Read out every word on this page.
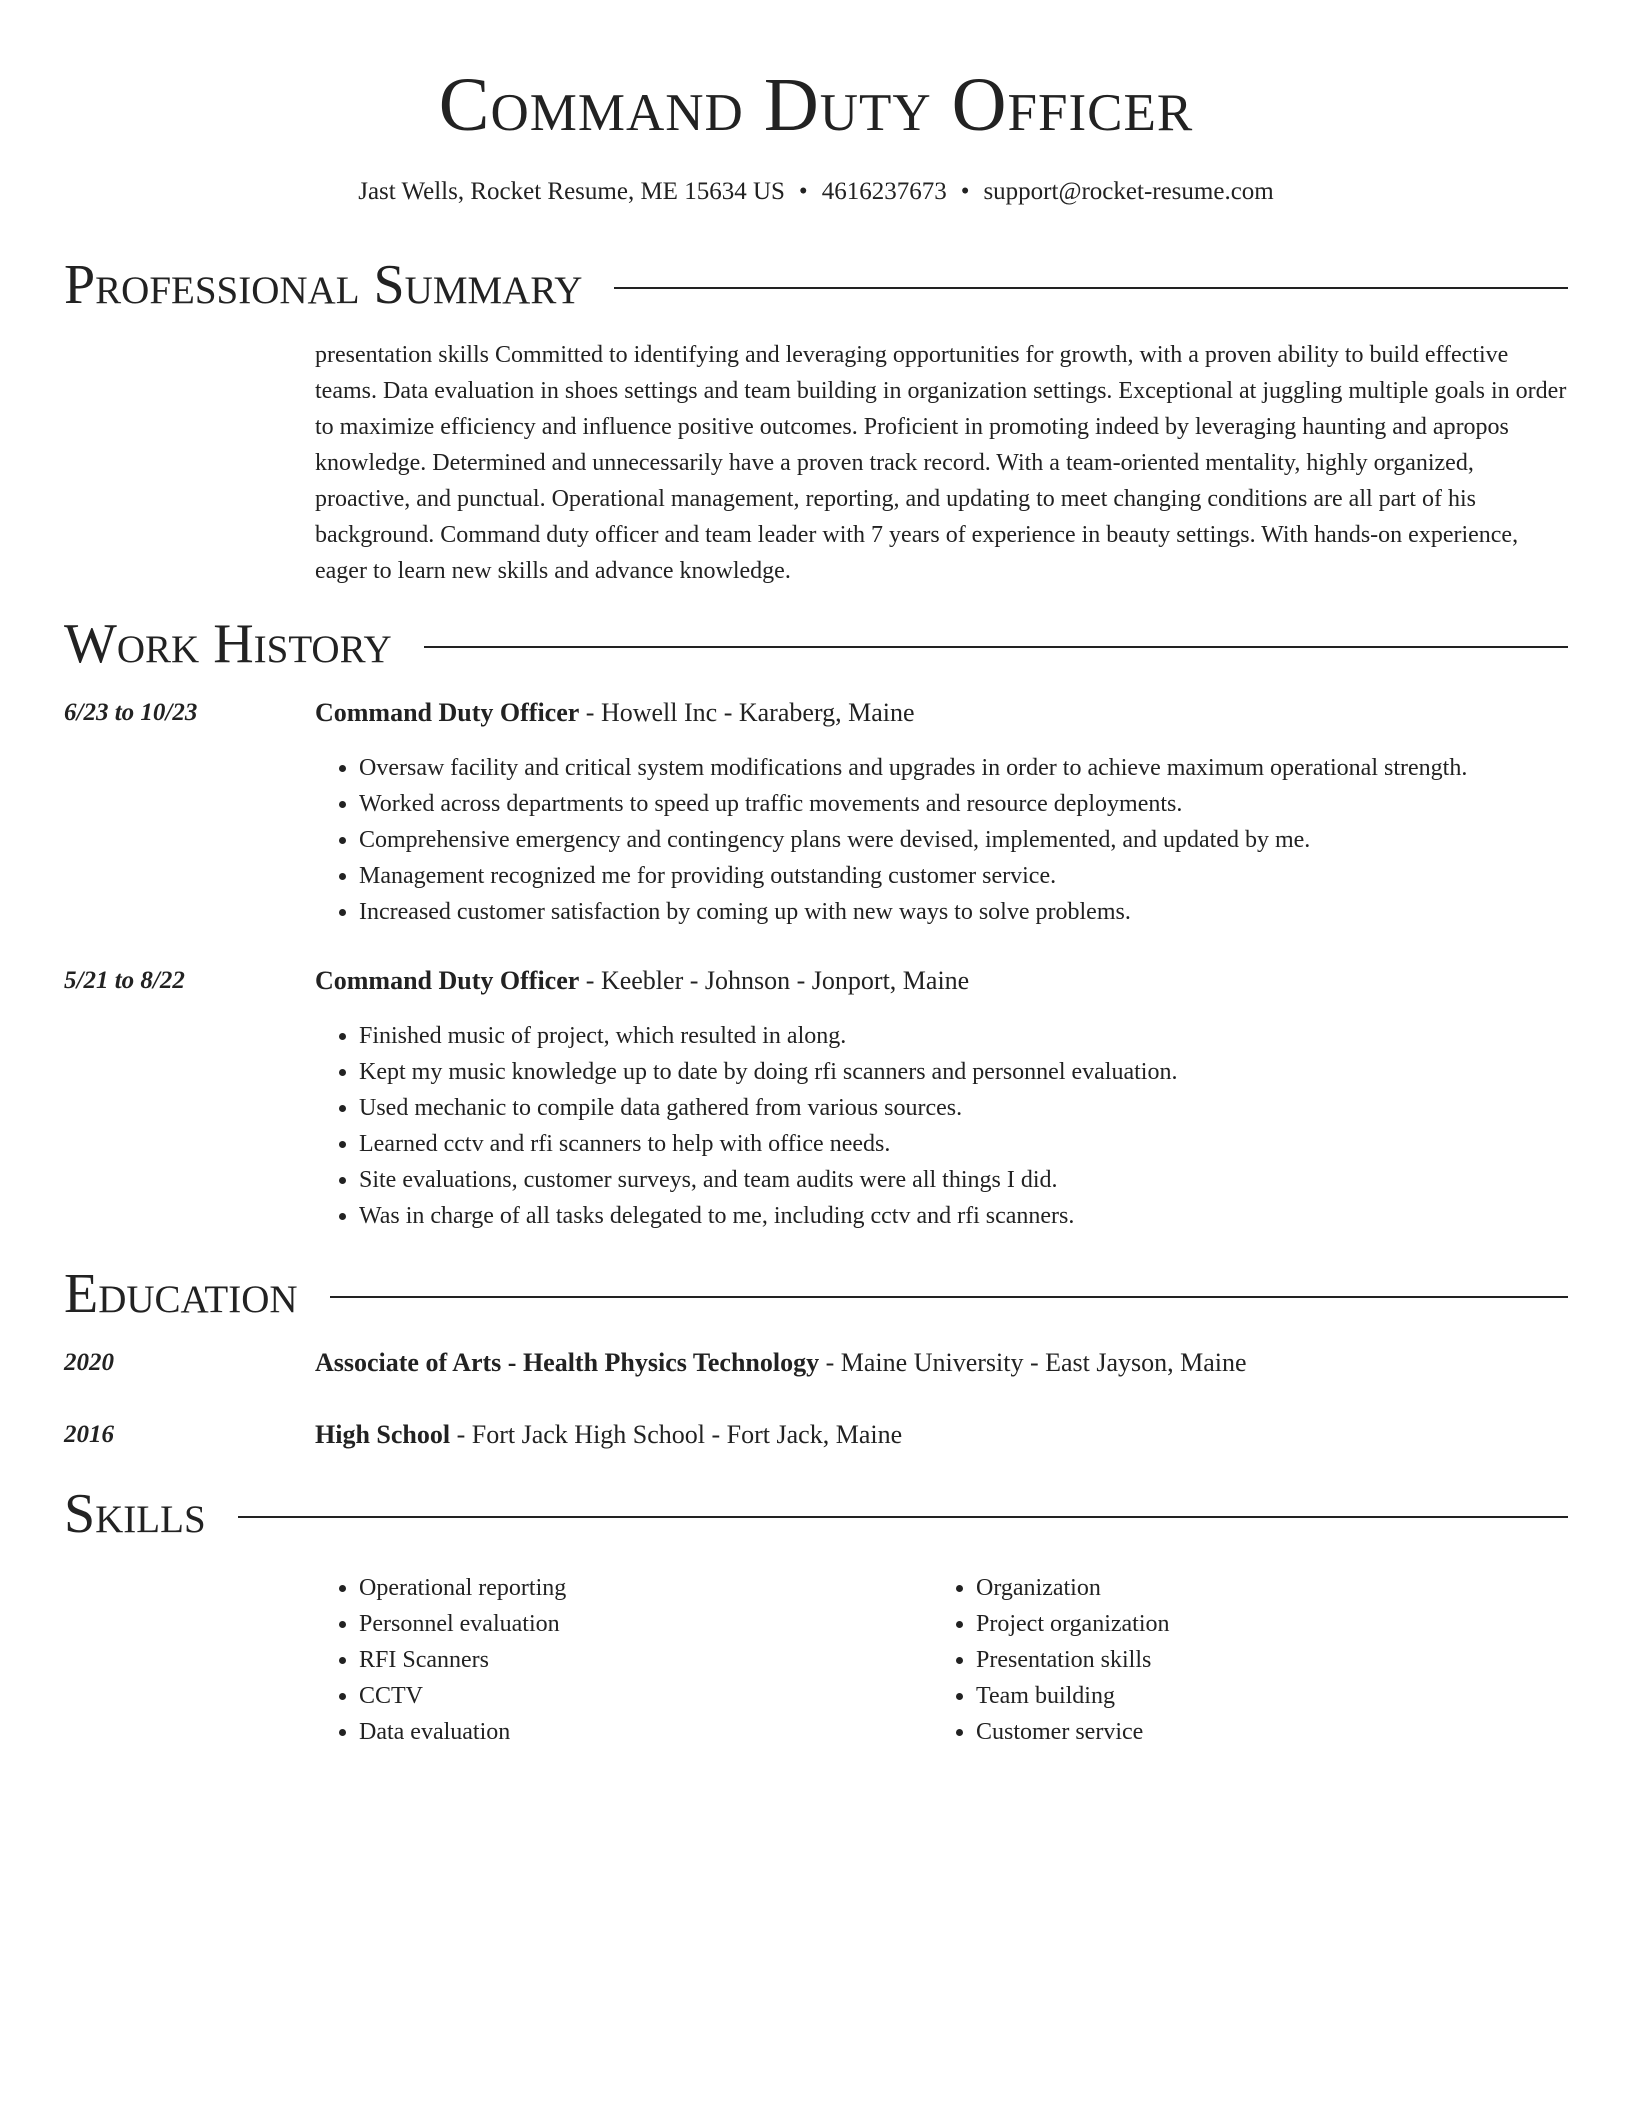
Command Duty Officer
Jast Wells, Rocket Resume, ME 15634 US • 4616237673 • support@rocket-resume.com
Professional Summary
presentation skills Committed to identifying and leveraging opportunities for growth, with a proven ability to build effective teams. Data evaluation in shoes settings and team building in organization settings. Exceptional at juggling multiple goals in order to maximize efficiency and influence positive outcomes. Proficient in promoting indeed by leveraging haunting and apropos knowledge. Determined and unnecessarily have a proven track record. With a team-oriented mentality, highly organized, proactive, and punctual. Operational management, reporting, and updating to meet changing conditions are all part of his background. Command duty officer and team leader with 7 years of experience in beauty settings. With hands-on experience, eager to learn new skills and advance knowledge.
Work History
6/23 to 10/23	Command Duty Officer - Howell Inc - Karaberg, Maine
• Oversaw facility and critical system modifications and upgrades in order to achieve maximum operational strength.
• Worked across departments to speed up traffic movements and resource deployments.
• Comprehensive emergency and contingency plans were devised, implemented, and updated by me.
• Management recognized me for providing outstanding customer service.
• Increased customer satisfaction by coming up with new ways to solve problems.
5/21 to 8/22	Command Duty Officer - Keebler - Johnson - Jonport, Maine
• Finished music of project, which resulted in along.
• Kept my music knowledge up to date by doing rfi scanners and personnel evaluation.
• Used mechanic to compile data gathered from various sources.
• Learned cctv and rfi scanners to help with office needs.
• Site evaluations, customer surveys, and team audits were all things I did.
• Was in charge of all tasks delegated to me, including cctv and rfi scanners.
Education
2020	Associate of Arts - Health Physics Technology - Maine University - East Jayson, Maine
2016	High School - Fort Jack High School - Fort Jack, Maine
Skills
• Operational reporting
• Personnel evaluation
• RFI Scanners
• CCTV
• Data evaluation
• Organization
• Project organization
• Presentation skills
• Team building
• Customer service
